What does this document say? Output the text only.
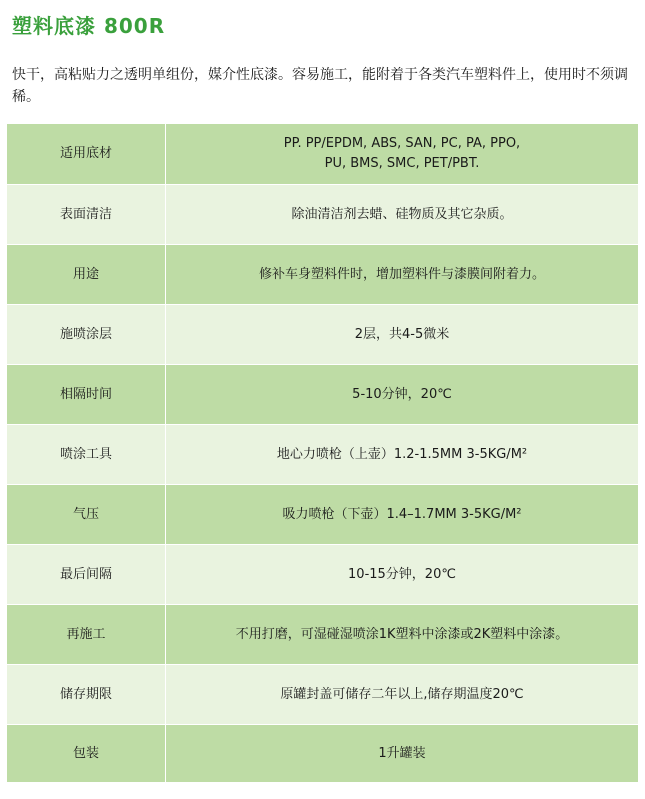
塑料底漆 800R
快干，高粘贴力之透明单组份，媒介性底漆。容易施工，能附着于各类汽车塑料件上，使用时不须调稀。
适用底材	PP. PP/EPDM, ABS, SAN, PC, PA, PPO,
PU, BMS, SMC, PET/PBT.

表面清洁	除油清洁剂去蜡、硅物质及其它杂质。
用途	修补车身塑料件时，增加塑料件与漆膜间附着力。
施喷涂层	2层，共4-5微米
相隔时间	5-10分钟，20℃
喷涂工具	地心力喷枪（上壶）1.2-1.5MM 3-5KG/M²
气压	吸力喷枪（下壶）1.4–1.7MM 3-5KG/M²
最后间隔	10-15分钟，20℃
再施工	不用打磨，可湿碰湿喷涂1K塑料中涂漆或2K塑料中涂漆。
储存期限	原罐封盖可储存二年以上,储存期温度20℃
包装	1升罐装
